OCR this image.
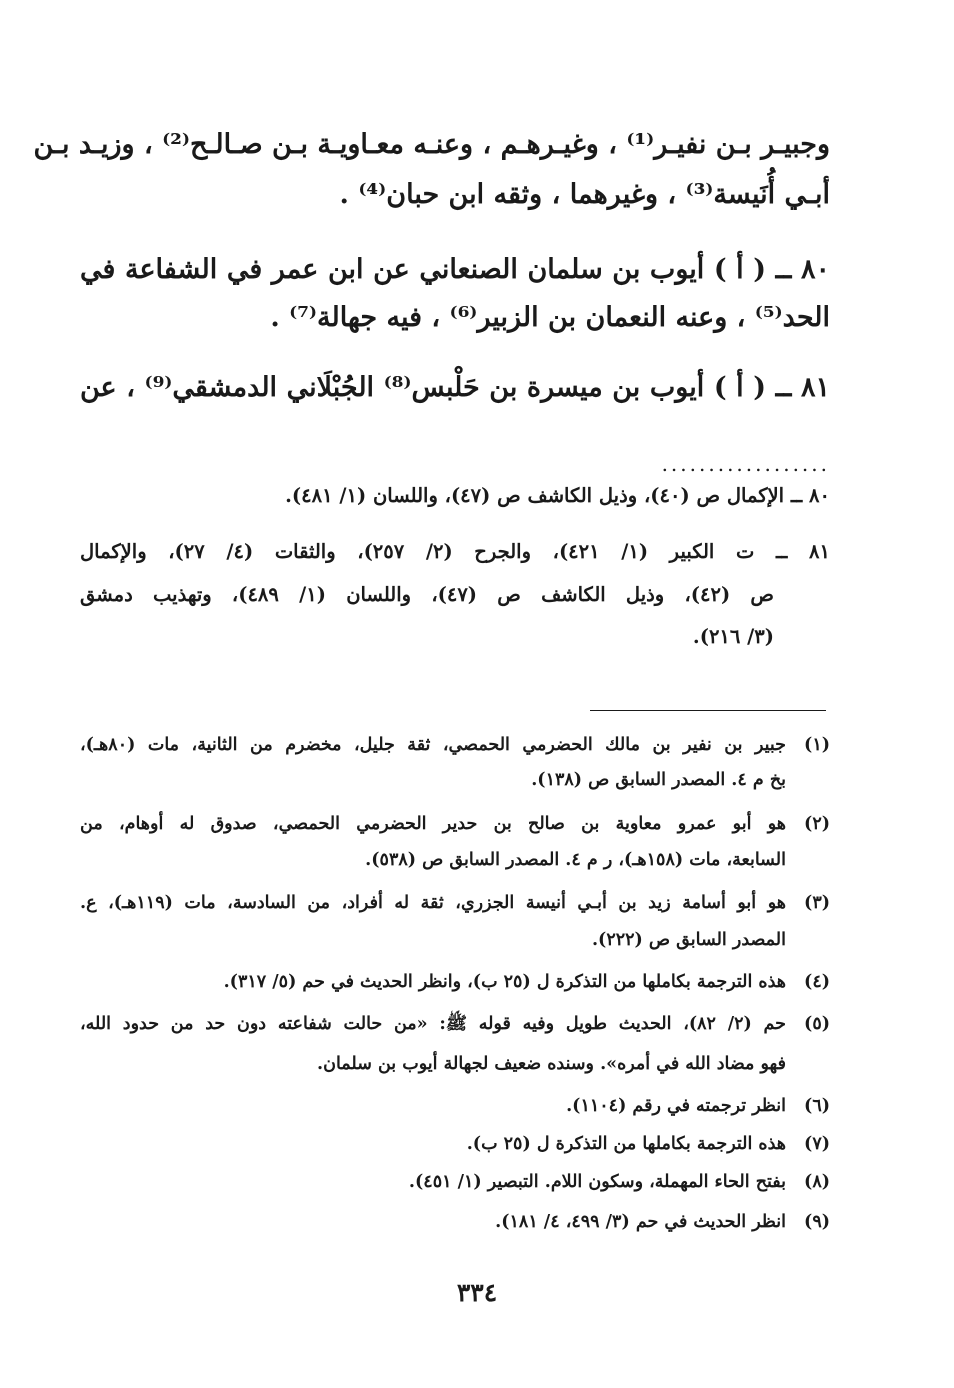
وجبيـر بـن نفيـر⁽¹⁾ ، وغيـرهـم ، وعنـه معـاويـة بـن صـالـح⁽²⁾ ، وزيـد بـن
أبـي أُنَيسة⁽³⁾ ، وغيرهما ، وثقه ابن حبان⁽⁴⁾ .
٨٠ ــ ( أ ) أيوب بن سلمان الصنعاني عن ابن عمر في الشفاعة في
الحد⁽⁵⁾ ، وعنه النعمان بن الزبير⁽⁶⁾ ، فيه جهالة⁽⁷⁾ .
٨١ ــ ( أ ) أيوب بن ميسرة بن حَلْبس⁽⁸⁾ الجُبْلَاني الدمشقي⁽⁹⁾ ، عن
..................
٨٠ ــ الإكمال ص (٤٠)، وذيل الكاشف ص (٤٧)، واللسان (١/ ٤٨١).
٨١ ــ ت الكبير (١/ ٤٢١)، والجرح (٢/ ٢٥٧)، والثقات (٤/ ٢٧)، والإكمال
ص (٤٢)، وذيل الكاشف ص (٤٧)، واللسان (١/ ٤٨٩)، وتهذيب دمشق
(٣/ ٢١٦).
(١)
جبير بن نفير بن مالك الحضرمي الحمصي، ثقة جليل، مخضرم من الثانية، مات (٨٠هـ)،
بخ م ٤. المصدر السابق ص (١٣٨).
(٢)
هو أبو عمرو معاوية بن صالح بن حدير الحضرمي الحمصي، صدوق له أوهام، من
السابعة، مات (١٥٨هـ)، ر م ٤. المصدر السابق ص (٥٣٨).
(٣)
هو أبو أسامة زيد بن أبـي أنيسة الجزري، ثقة له أفراد، من السادسة، مات (١١٩هـ)، ع.
المصدر السابق ص (٢٢٢).
(٤)
هذه الترجمة بكاملها من التذكرة ل (٢٥ ب)، وانظر الحديث في حم (٥/ ٣١٧).
(٥)
حم (٢/ ٨٢)، الحديث طويل وفيه قوله ﷺ: «من حالت شفاعته دون حد من حدود الله،
فهو مضاد الله في أمره». وسنده ضعيف لجهالة أيوب بن سلمان.
(٦)
انظر ترجمته في رقم (١١٠٤).
(٧)
هذه الترجمة بكاملها من التذكرة ل (٢٥ ب).
(٨)
بفتح الحاء المهملة، وسكون اللام. التبصير (١/ ٤٥١).
(٩)
انظر الحديث في حم (٣/ ٤٩٩، ٤/ ١٨١).
٣٣٤
